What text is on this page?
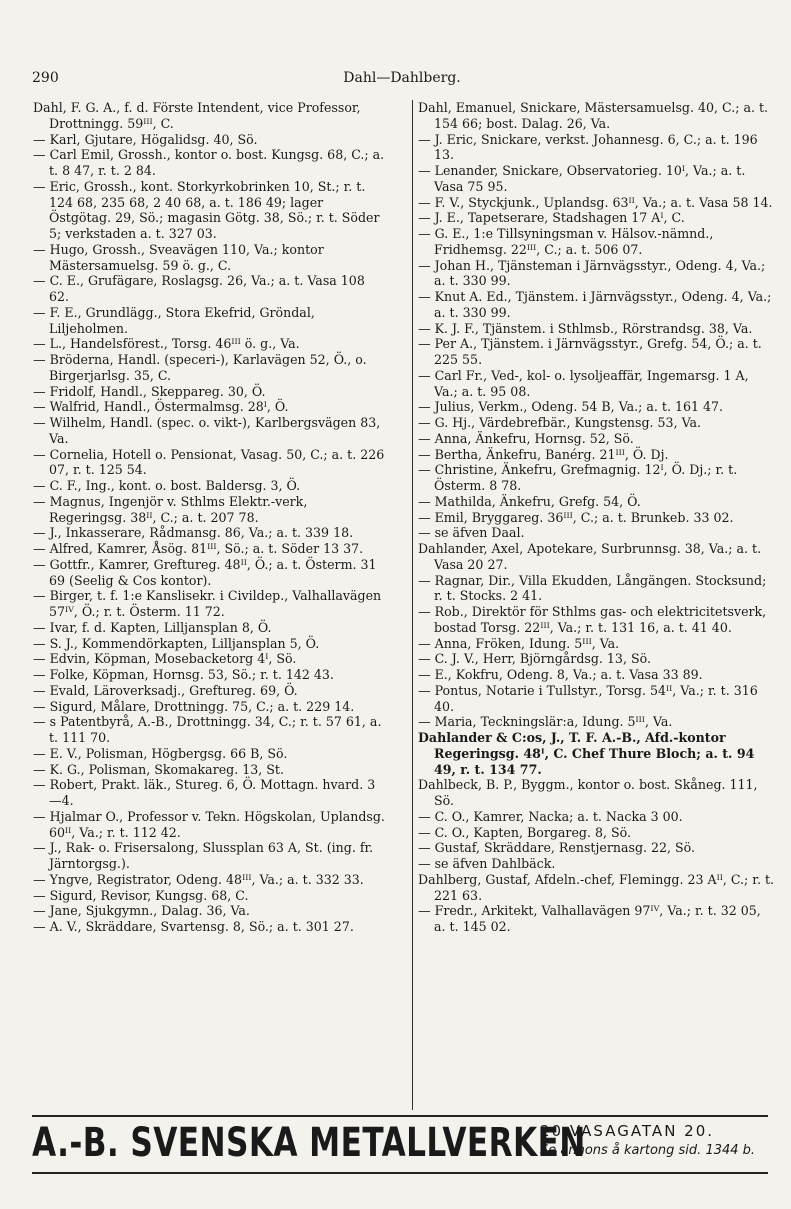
290	Dahl—Dahlberg.

Dahl, F. G. A., f. d. Förste Intendent, vice Professor, Drottningg. 59ᴵᴵᴵ, C.

— Karl, Gjutare, Högalidsg. 40, Sö.

— Carl Emil, Grossh., kontor o. bost. Kungsg. 68, C.; a. t. 8 47, r. t. 2 84.

— Eric, Grossh., kont. Storkyrkobrinken 10, St.; r. t. 124 68, 235 68, 2 40 68, a. t. 186 49; lager Östgötag. 29, Sö.; magasin Götg. 38, Sö.; r. t. Söder 5; verkstaden a. t. 327 03.

— Hugo, Grossh., Sveavägen 110, Va.; kontor Mästersamuelsg. 59 ö. g., C.

— C. E., Grufägare, Roslagsg. 26, Va.; a. t. Vasa 108 62.

— F. E., Grundlägg., Stora Ekefrid, Gröndal, Liljeholmen.

— L., Handelsförest., Torsg. 46ᴵᴵᴵ ö. g., Va.

— Bröderna, Handl. (speceri-), Karlavägen 52, Ö., o. Birgerjarlsg. 35, C.

— Fridolf, Handl., Skeppareg. 30, Ö.

— Walfrid, Handl., Östermalmsg. 28ᴵ, Ö.

— Wilhelm, Handl. (spec. o. vikt-), Karlbergsvägen 83, Va.

— Cornelia, Hotell o. Pensionat, Vasag. 50, C.; a. t. 226 07, r. t. 125 54.

— C. F., Ing., kont. o. bost. Baldersg. 3, Ö.

— Magnus, Ingenjör v. Sthlms Elektr.-verk, Regeringsg. 38ᴵᴵ, C.; a. t. 207 78.

— J., Inkasserare, Rådmansg. 86, Va.; a. t. 339 18.

— Alfred, Kamrer, Åsög. 81ᴵᴵᴵ, Sö.; a. t. Söder 13 37.

— Gottfr., Kamrer, Greftureg. 48ᴵᴵ, Ö.; a. t. Österm. 31 69 (Seelig & Cos kontor).

— Birger, t. f. 1:e Kanslisekr. i Civildep., Valhallavägen 57ᴵⱽ, Ö.; r. t. Österm. 11 72.

— Ivar, f. d. Kapten, Lilljansplan 8, Ö.

— S. J., Kommendörkapten, Lilljansplan 5, Ö.

— Edvin, Köpman, Mosebacketorg 4ᴵ, Sö.

— Folke, Köpman, Hornsg. 53, Sö.; r. t. 142 43.

— Evald, Läroverksadj., Greftureg. 69, Ö.

— Sigurd, Målare, Drottningg. 75, C.; a. t. 229 14.

— s Patentbyrå, A.-B., Drottningg. 34, C.; r. t. 57 61, a. t. 111 70.

— E. V., Polisman, Högbergsg. 66 B, Sö.

— K. G., Polisman, Skomakareg. 13, St.

— Robert, Prakt. läk., Stureg. 6, Ö. Mottagn. hvard. 3—4.

— Hjalmar O., Professor v. Tekn. Högskolan, Uplandsg. 60ᴵᴵ, Va.; r. t. 112 42.

— J., Rak- o. Frisersalong, Slussplan 63 A, St. (ing. fr. Järntorgsg.).

— Yngve, Registrator, Odeng. 48ᴵᴵᴵ, Va.; a. t. 332 33.

— Sigurd, Revisor, Kungsg. 68, C.

— Jane, Sjukgymn., Dalag. 36, Va.

— A. V., Skräddare, Svartensg. 8, Sö.; a. t. 301 27.

Dahl, Emanuel, Snickare, Mästersamuelsg. 40, C.; a. t. 154 66; bost. Dalag. 26, Va.

— J. Eric, Snickare, verkst. Johannesg. 6, C.; a. t. 196 13.

— Lenander, Snickare, Observatorieg. 10ᴵ, Va.; a. t. Vasa 75 95.

— F. V., Styckjunk., Uplandsg. 63ᴵᴵ, Va.; a. t. Vasa 58 14.

— J. E., Tapetserare, Stadshagen 17 Aᴵ, C.

— G. E., 1:e Tillsyningsman v. Hälsov.-nämnd., Fridhemsg. 22ᴵᴵᴵ, C.; a. t. 506 07.

— Johan H., Tjänsteman i Järnvägsstyr., Odeng. 4, Va.; a. t. 330 99.

— Knut A. Ed., Tjänstem. i Järnvägsstyr., Odeng. 4, Va.; a. t. 330 99.

— K. J. F., Tjänstem. i Sthlmsb., Rörstrandsg. 38, Va.

— Per A., Tjänstem. i Järnvägsstyr., Grefg. 54, Ö.; a. t. 225 55.

— Carl Fr., Ved-, kol- o. lysoljeaffär, Ingemarsg. 1 A, Va.; a. t. 95 08.

— Julius, Verkm., Odeng. 54 B, Va.; a. t. 161 47.

— G. Hj., Värdebrefbär., Kungstensg. 53, Va.

— Anna, Änkefru, Hornsg. 52, Sö.

— Bertha, Änkefru, Banérg. 21ᴵᴵᴵ, Ö. Dj.

— Christine, Änkefru, Grefmagnig. 12ᴵ, Ö. Dj.; r. t. Österm. 8 78.

— Mathilda, Änkefru, Grefg. 54, Ö.

— Emil, Bryggareg. 36ᴵᴵᴵ, C.; a. t. Brunkeb. 33 02.

— se äfven Daal.

Dahlander, Axel, Apotekare, Surbrunnsg. 38, Va.; a. t. Vasa 20 27.

— Ragnar, Dir., Villa Ekudden, Långängen. Stocksund; r. t. Stocks. 2 41.

— Rob., Direktör för Sthlms gas- och elektricitetsverk, bostad Torsg. 22ᴵᴵᴵ, Va.; r. t. 131 16, a. t. 41 40.

— Anna, Fröken, Idung. 5ᴵᴵᴵ, Va.

— C. J. V., Herr, Björngårdsg. 13, Sö.

— E., Kokfru, Odeng. 8, Va.; a. t. Vasa 33 89.

— Pontus, Notarie i Tullstyr., Torsg. 54ᴵᴵ, Va.; r. t. 316 40.

— Maria, Teckningslär:a, Idung. 5ᴵᴵᴵ, Va.

Dahlander & C:os, J., T. F. A.-B., Afd.-kontor Regeringsg. 48ᴵ, C. Chef Thure Bloch; a. t. 94 49, r. t. 134 77.

Dahlbeck, B. P., Byggm., kontor o. bost. Skåneg. 111, Sö.

— C. O., Kamrer, Nacka; a. t. Nacka 3 00.

— C. O., Kapten, Borgareg. 8, Sö.

— Gustaf, Skräddare, Renstjernasg. 22, Sö.

— se äfven Dahlbäck.

Dahlberg, Gustaf, Afdeln.-chef, Flemingg. 23 Aᴵᴵ, C.; r. t. 221 63.

— Fredr., Arkitekt, Valhallavägen 97ᴵⱽ, Va.; r. t. 32 05, a. t. 145 02.

A.-B. SVENSKA METALLVERKEN
20 VASAGATAN 20.
Se annons å kartong sid. 1344 b.
